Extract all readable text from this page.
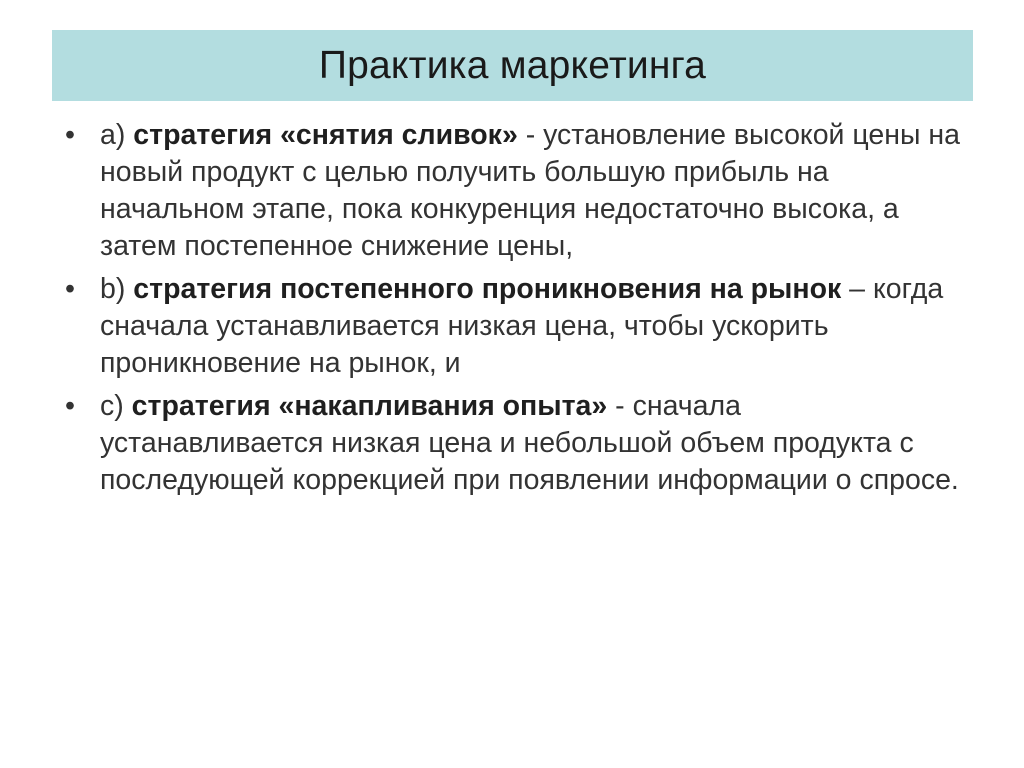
Практика маркетинга
• a) стратегия «снятия сливок» - установление высокой цены на новый продукт с целью получить большую прибыль на начальном этапе, пока конкуренция недостаточно высока, а затем постепенное снижение цены,
• b) стратегия постепенного проникновения на рынок – когда сначала устанавливается низкая цена, чтобы ускорить проникновение на рынок, и
• c) стратегия «накапливания опыта» - сначала устанавливается низкая цена и небольшой объем продукта с последующей коррекцией при появлении информации о спросе.
